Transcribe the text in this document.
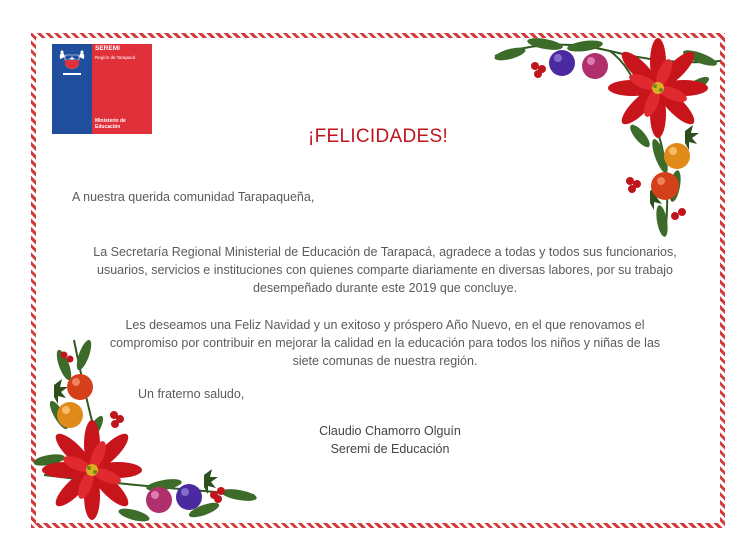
SEREMI
Región de Tarapacá
Ministerio de
Educación	¡FELICIDADES!
A nuestra querida comunidad Tarapaqueña,
La Secretaría Regional Ministerial de Educación de Tarapacá, agradece a todas y todos sus funcionarios,
usuarios, servicios e instituciones con quienes comparte diariamente en diversas labores, por su trabajo
desempeñado durante este 2019 que concluye.
Les deseamos una Feliz Navidad y un exitoso y próspero Año Nuevo, en el que renovamos el
compromiso por contribuir en mejorar la calidad en la educación para todos los niños y niñas de las
siete comunas de nuestra región.
Un fraterno saludo,
Claudio Chamorro Olguín
Seremi de Educación
